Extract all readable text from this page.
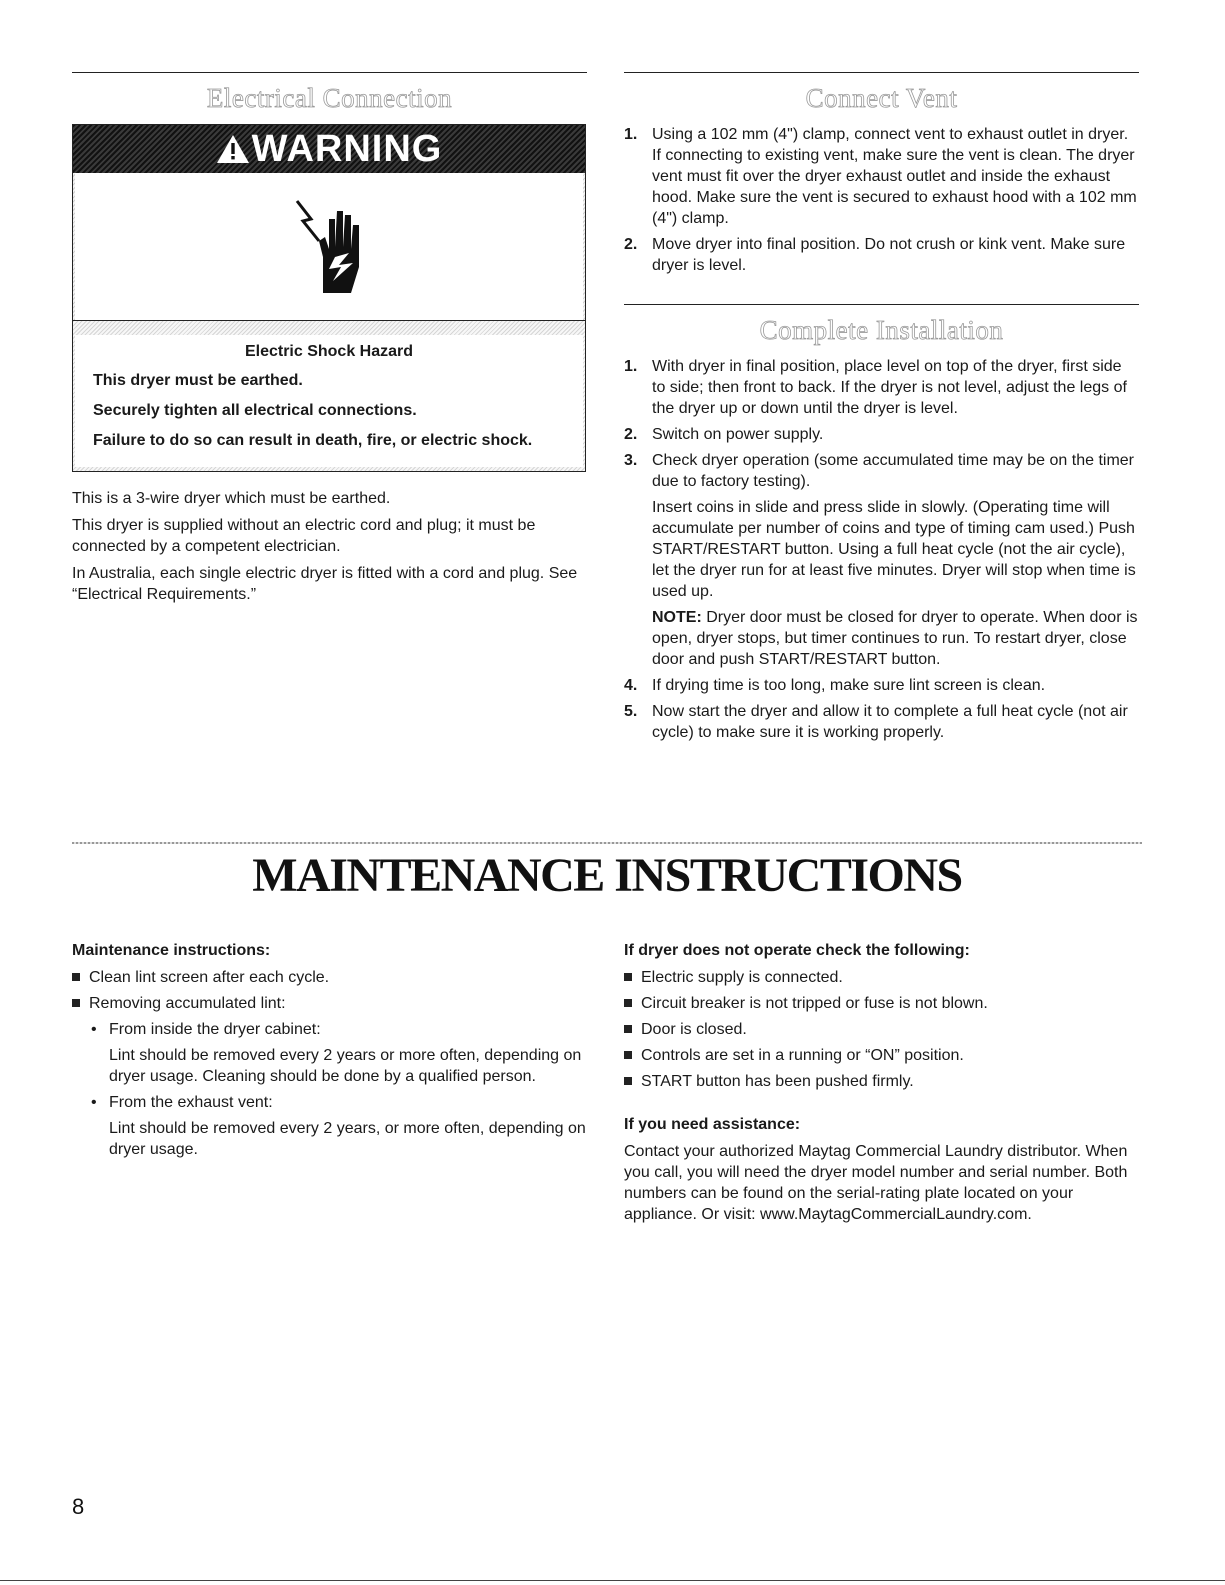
Electrical Connection
WARNING
Electric Shock Hazard

This dryer must be earthed.

Securely tighten all electrical connections.

Failure to do so can result in death, fire, or electric shock.

This is a 3-wire dryer which must be earthed.

This dryer is supplied without an electric cord and plug; it must be connected by a competent electrician.

In Australia, each single electric dryer is fitted with a cord and plug. See “Electrical Requirements.”

Connect Vent
1. Using a 102 mm (4") clamp, connect vent to exhaust outlet in dryer. If connecting to existing vent, make sure the vent is clean. The dryer vent must fit over the dryer exhaust outlet and inside the exhaust hood. Make sure the vent is secured to exhaust hood with a 102 mm (4") clamp.
2. Move dryer into final position. Do not crush or kink vent. Make sure dryer is level.
Complete Installation
1. With dryer in final position, place level on top of the dryer, first side to side; then front to back. If the dryer is not level, adjust the legs of the dryer up or down until the dryer is level.
2. Switch on power supply.
3. Check dryer operation (some accumulated time may be on the timer due to factory testing).
Insert coins in slide and press slide in slowly. (Operating time will accumulate per number of coins and type of timing cam used.) Push START/RESTART button. Using a full heat cycle (not the air cycle), let the dryer run for at least five minutes. Dryer will stop when time is used up.
NOTE: Dryer door must be closed for dryer to operate. When door is open, dryer stops, but timer continues to run. To restart dryer, close door and push START/RESTART button.
4. If drying time is too long, make sure lint screen is clean.
5. Now start the dryer and allow it to complete a full heat cycle (not air cycle) to make sure it is working properly.
MAINTENANCE INSTRUCTIONS
Maintenance instructions:
Clean lint screen after each cycle.
Removing accumulated lint:
• From inside the dryer cabinet:
Lint should be removed every 2 years or more often, depending on dryer usage. Cleaning should be done by a qualified person.
• From the exhaust vent:
Lint should be removed every 2 years, or more often, depending on dryer usage.
If dryer does not operate check the following:
Electric supply is connected.
Circuit breaker is not tripped or fuse is not blown.
Door is closed.
Controls are set in a running or “ON” position.
START button has been pushed firmly.
If you need assistance:

Contact your authorized Maytag Commercial Laundry distributor. When you call, you will need the dryer model number and serial number. Both numbers can be found on the serial-rating plate located on your appliance. Or visit: www.MaytagCommercialLaundry.com.

8
